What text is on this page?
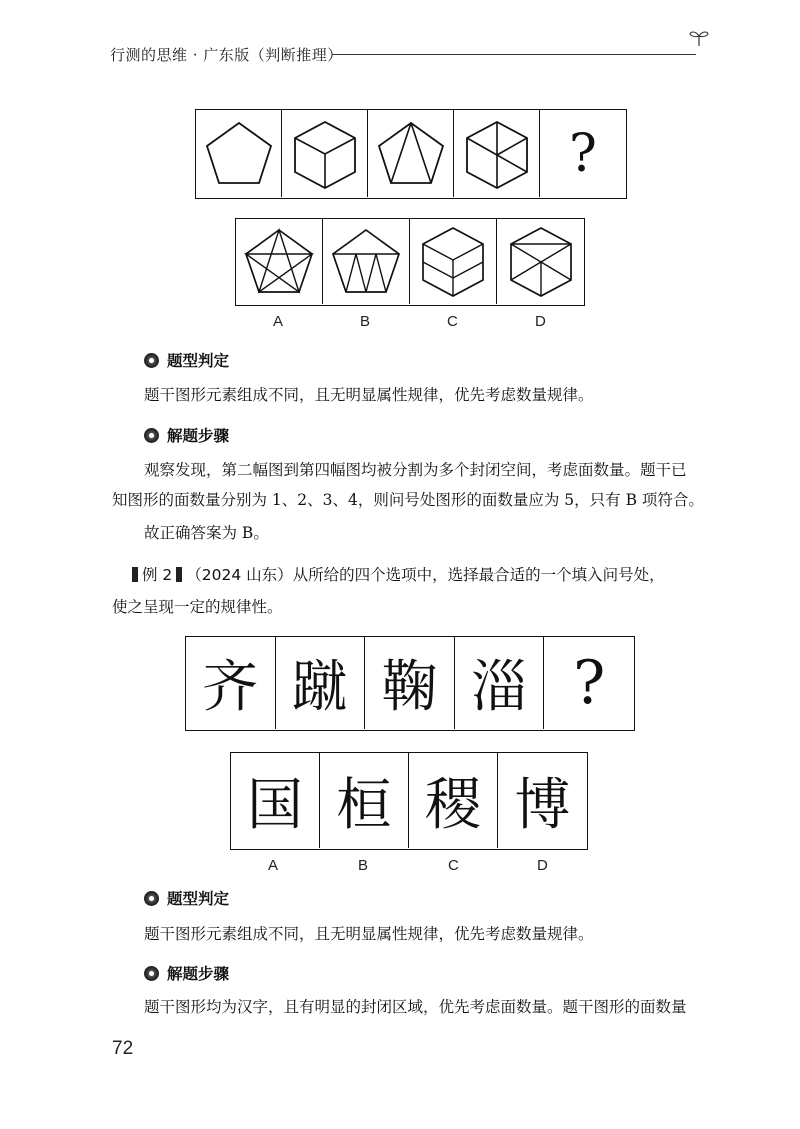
行测的思维 · 广东版（判断推理）
?
A	B	C	D
题型判定
题干图形元素组成不同，且无明显属性规律，优先考虑数量规律。
解题步骤
观察发现，第二幅图到第四幅图均被分割为多个封闭空间，考虑面数量。题干已
知图形的面数量分别为 1、2、3、4，则问号处图形的面数量应为 5，只有 B 项符合。
故正确答案为 B。
例 2 （2024 山东）从所给的四个选项中，选择最合适的一个填入问号处，
使之呈现一定的规律性。
齐 蹴 鞠 淄 ?
国 桓 稷 博
A	B	C	D
题型判定
题干图形元素组成不同，且无明显属性规律，优先考虑数量规律。
解题步骤
题干图形均为汉字，且有明显的封闭区域，优先考虑面数量。题干图形的面数量
72
